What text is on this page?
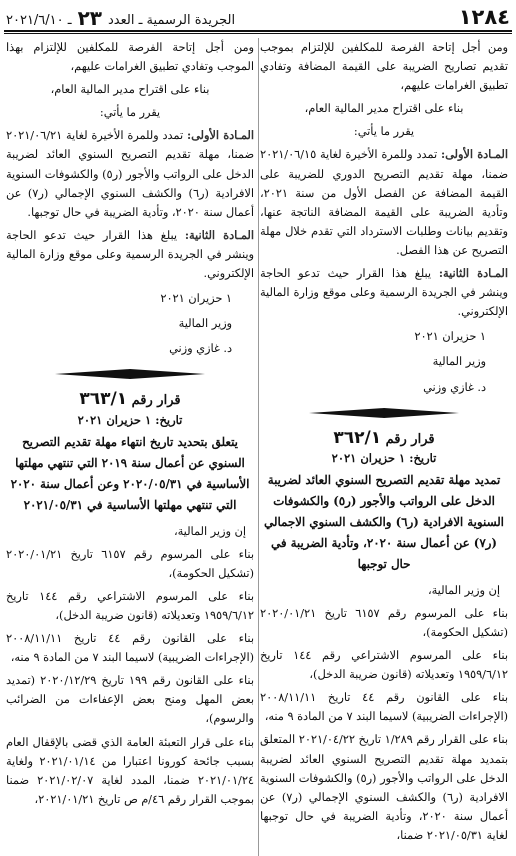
١٢٨٤
الجريدة الرسمية ـ العدد
٢٣
ـ ٢٠٢١/٦/١٠

ومن أجل إتاحة الفرصة للمكلفين للإلتزام بموجب تقديم تصاريح الضريبة على القيمة المضافة وتفادي تطبيق الغرامات عليهم،

بناء على اقتراح مدير المالية العام،

يقرر ما يأتي:

المـادة الأولى: تمدد وللمرة الأخيرة لغاية ٢٠٢١/٠٦/١٥ ضمنا، مهلة تقديم التصريح الدوري للضريبة على القيمة المضافة عن الفصل الأول من سنة ٢٠٢١، وتأدية الضريبة على القيمة المضافة الناتجة عنها، وتقديم بيانات وطلبات الاسترداد التي تقدم خلال مهلة التصريح عن هذا الفصل.

المـادة الثانية: يبلغ هذا القرار حيث تدعو الحاجة وينشر في الجريدة الرسمية وعلى موقع وزارة المالية الإلكتروني.

١ حزيران ٢٠٢١
وزير المالية
د. غازي وزني
قرار رقم ٣٦٢/١
تاريخ: ١ حزيران ٢٠٢١
تمديد مهلة تقديم التصريح السنوي العائد لضريبة الدخل على الرواتب والأجور (ر٥) والكشوفات السنوية الافرادية (ر٦) والكشف السنوي الاجمالي (ر٧) عن أعمال سنة ٢٠٢٠، وتأدية الضريبة في حال توجبها

إن وزير المالية،

بناء على المرسوم رقم ٦١٥٧ تاريخ ٢٠٢٠/٠١/٢١ (تشكيل الحكومة)،

بناء على المرسوم الاشتراعي رقم ١٤٤ تاريخ ١٩٥٩/٦/١٢ وتعديلاته (قانون ضريبة الدخل)،

بناء على القانون رقم ٤٤ تاريخ ٢٠٠٨/١١/١١ (الإجراءات الضريبية) لاسيما البند ٧ من المادة ٩ منه،

بناء على القرار رقم ١/٢٨٩ تاريخ ٢٠٢١/٠٤/٢٢ المتعلق بتمديد مهلة تقديم التصريح السنوي العائد لضريبة الدخل على الرواتب والأجور (ر٥) والكشوفات السنوية الافرادية (ر٦) والكشف السنوي الإجمالي (ر٧) عن أعمال سنة ٢٠٢٠، وتأدية الضريبة في حال توجبها لغاية ٢٠٢١/٠٥/٣١ ضمنا،

ومن أجل إتاحة الفرصة للمكلفين للإلتزام بهذا الموجب وتفادي تطبيق الغرامات عليهم،

بناء على اقتراح مدير المالية العام،

يقرر ما يأتي:

المـادة الأولى: تمدد وللمرة الأخيرة لغاية ٢٠٢١/٠٦/٢١ ضمنا، مهلة تقديم التصريح السنوي العائد لضريبة الدخل على الرواتب والأجور (ر٥) والكشوفات السنوية الافرادية (ر٦) والكشف السنوي الإجمالي (ر٧) عن أعمال سنة ٢٠٢٠، وتأدية الضريبة في حال توجبها.

المـادة الثانية: يبلغ هذا القرار حيث تدعو الحاجة وينشر في الجريدة الرسمية وعلى موقع وزارة المالية الإلكتروني.

١ حزيران ٢٠٢١
وزير المالية
د. غازي وزني
قرار رقم ٣٦٣/١
تاريخ: ١ حزيران ٢٠٢١
يتعلق بتحديد تاريخ انتهاء مهلة تقديم التصريح السنوي عن أعمال سنة ٢٠١٩ التي تنتهي مهلتها الأساسية في ٢٠٢٠/٠٥/٣١ وعن أعمال سنة ٢٠٢٠ التي تنتهي مهلتها الأساسية في ٢٠٢١/٠٥/٣١

إن وزير المالية،

بناء على المرسوم رقم ٦١٥٧ تاريخ ٢٠٢٠/٠١/٢١ (تشكيل الحكومة)،

بناء على المرسوم الاشتراعي رقم ١٤٤ تاريخ ١٩٥٩/٦/١٢ وتعديلاته (قانون ضريبة الدخل)،

بناء على القانون رقم ٤٤ تاريخ ٢٠٠٨/١١/١١ (الإجراءات الضريبية) لاسيما البند ٧ من المادة ٩ منه،

بناء على القانون رقم ١٩٩ تاريخ ٢٠٢٠/١٢/٢٩ (تمديد بعض المهل ومنح بعض الإعفاءات من الضرائب والرسوم)،

بناء على قرار التعبئة العامة الذي قضى بالإقفال العام بسبب جائحة كورونا اعتبارا من ٢٠٢١/٠١/١٤ ولغاية ٢٠٢١/٠١/٢٤ ضمنا، المدد لغاية ٢٠٢١/٠٢/٠٧ ضمنا بموجب القرار رقم ٤٦/م ص تاريخ ٢٠٢١/٠١/٢١،
